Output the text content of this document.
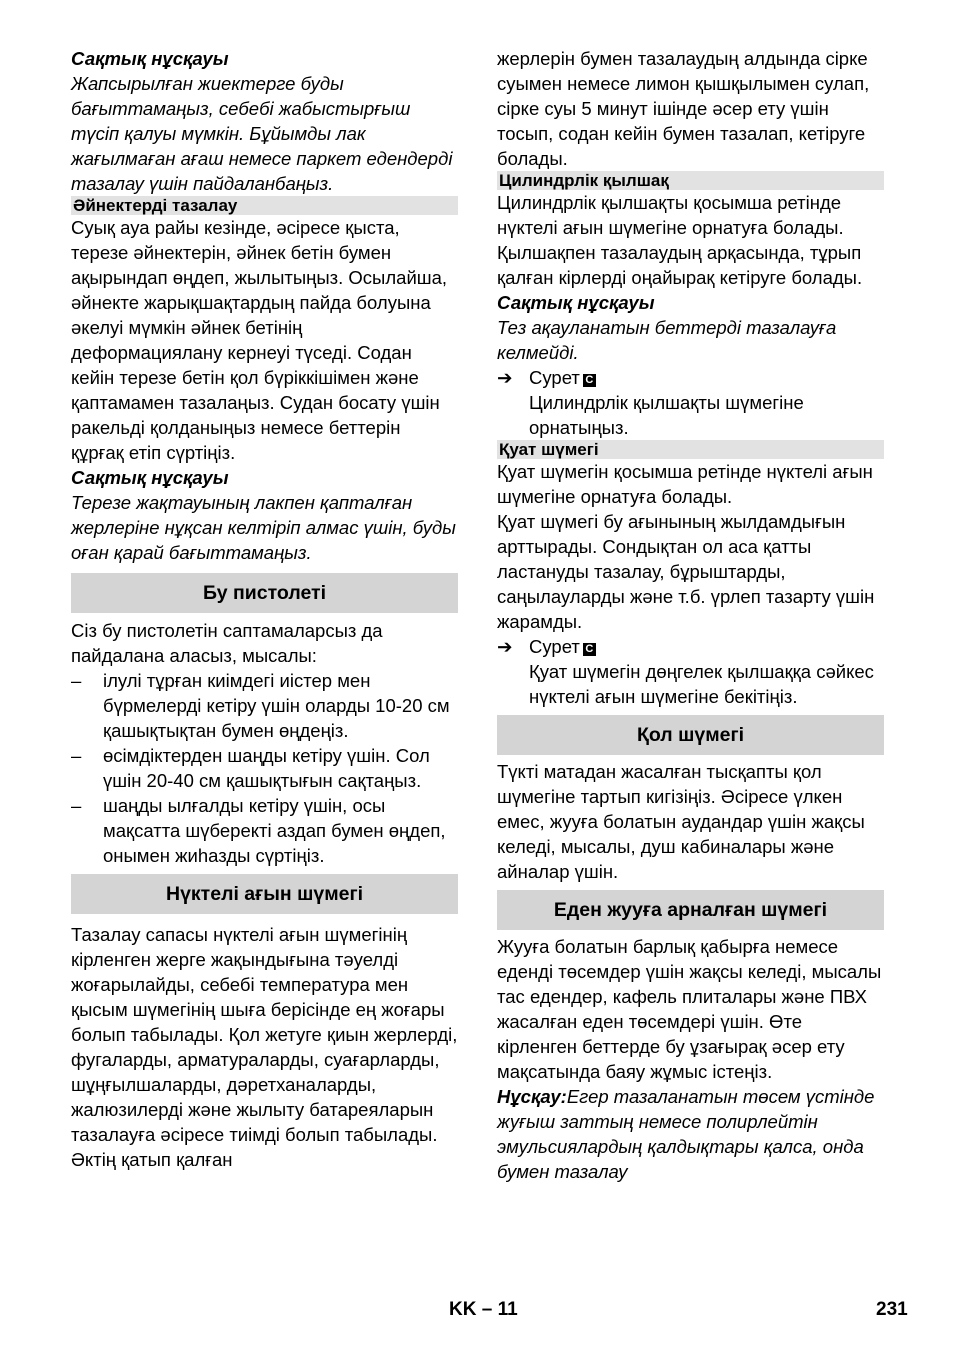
Сақтық нұсқауы

Жапсырылған жиектерге буды бағыттамаңыз, себебі жабыстырғыш түсіп қалуы мүмкін. Бұйымды лак жағылмаған ағаш немесе паркет едендерді тазалау үшін пайдаланбаңыз.

Әйнектерді тазалау

Суық ауа райы кезінде, әсіресе қыста, терезе әйнектерін, әйнек бетін бумен ақырындап өңдеп, жылытыңыз. Осылайша, әйнекте жарықшақтардың пайда болуына әкелуі мүмкін әйнек бетінің деформациялану кернеуі түседі. Содан кейін терезе бетін қол бүріккішімен және қаптамамен тазалаңыз. Судан босату үшін ракельді қолданыңыз немесе беттерін құрғақ етіп сүртіңіз.

Сақтық нұсқауы

Терезе жақтауының лакпен қапталған жерлеріне нұқсан келтіріп алмас үшін, буды оған қарай бағыттамаңыз.

Бу пистолеті

Сіз бу пистолетін саптамаларсыз да пайдалана аласыз, мысалы:

–	ілулі тұрған киімдегі иістер мен бүрмелерді кетіру үшін оларды 10-20 см қашықтықтан бумен өңдеңіз.
–	өсімдіктерден шаңды кетіру үшін. Сол үшін 20-40 см қашықтығын сақтаңыз.
–	шаңды ылғалды кетіру үшін, осы мақсатта шүберекті аздап бумен өңдеп, онымен жиһазды сүртіңіз.

Нүктелі ағын шүмегі

Тазалау сапасы нүктелі ағын шүмегінің кірленген жерге жақындығына тәуелді жоғарылайды, себебі температура мен қысым шүмегінің шыға берісінде ең жоғары болып табылады. Қол жетуге қиын жерлерді, фугаларды, арматураларды, суағарларды, шұңғылшаларды, дәретханаларды, жалюзилерді және жылыту батареяларын тазалауға әсіресе тиімді болып табылады. Әктің қатып қалған

жерлерін бумен тазалаудың алдында сірке суымен немесе лимон қышқылымен сулап, сірке суы 5 минут ішінде әсер ету үшін тосып, содан кейін бумен тазалап, кетіруге болады.

Цилиндрлік қылшақ

Цилиндрлік қылшақты қосымша ретінде нүктелі ағын шүмегіне орнатуға болады. Қылшақпен тазалаудың арқасында, тұрып қалған кірлерді оңайырақ кетіруге болады.

Сақтық нұсқауы

Тез ақауланатын беттерді тазалауға келмейді.

➔ Сурет C

Цилиндрлік қылшақты шүмегіне орнатыңыз.

Қуат шүмегі

Қуат шүмегін қосымша ретінде нүктелі ағын шүмегіне орнатуға болады.

Қуат шүмегі бу ағынының жылдамдығын арттырады. Сондықтан ол аса қатты ластануды тазалау, бұрыштарды, саңылауларды және т.б. үрлеп тазарту үшін жарамды.

➔ Сурет C

Қуат шүмегін дөңгелек қылшаққа сәйкес нүктелі ағын шүмегіне бекітіңіз.

Қол шүмегі

Түкті матадан жасалған тысқапты қол шүмегіне тартып кигізіңіз. Әсіресе үлкен емес, жууға болатын аудандар үшін жақсы келеді, мысалы, душ кабиналары және айналар үшін.

Еден жууға арналған шүмегі

Жууға болатын барлық қабырға немесе еденді төсемдер үшін жақсы келеді, мысалы тас едендер, кафель плиталары және ПВХ жасалған еден төсемдері үшін. Өте кірленген беттерде бу ұзағырақ әсер ету мақсатында баяу жұмыс істеңіз.

Нұсқау:Егер тазаланатын төсем үстінде жуғыш заттың немесе полирлейтін эмульсиялардың қалдықтары қалса, онда бумен тазалау

KK – 11	231
